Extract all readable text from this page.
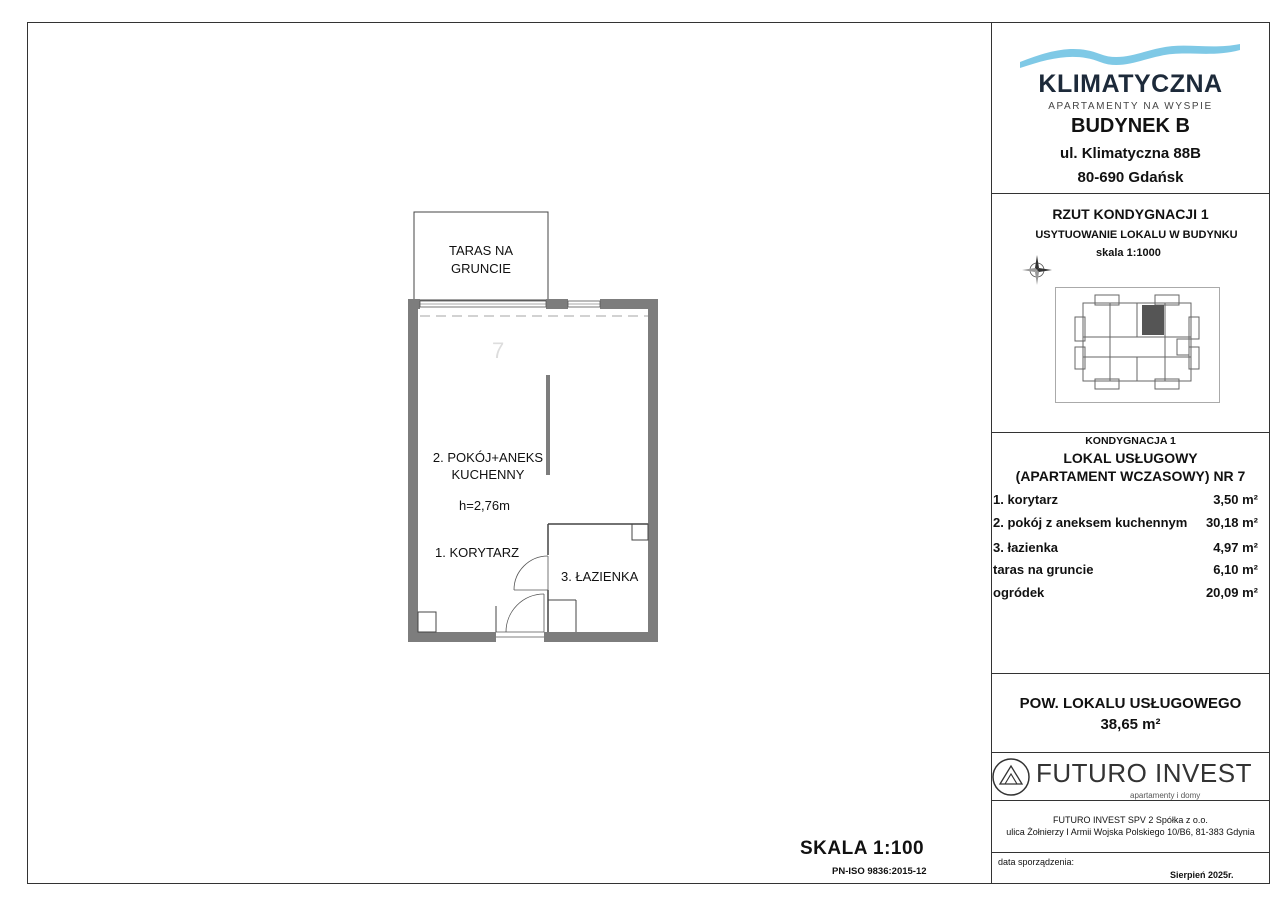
TARAS NA
GRUNCIE
7
2. POKÓJ+ANEKS
KUCHENNY
h=2,76m
1. KORYTARZ
3. ŁAZIENKA
SKALA 1:100
PN-ISO 9836:2015-12
KLIMATYCZNA
APARTAMENTY NA WYSPIE
BUDYNEK B
ul. Klimatyczna 88B
80-690 Gdańsk
RZUT KONDYGNACJI 1
USYTUOWANIE LOKALU W BUDYNKU
skala 1:1000
KONDYGNACJA 1
LOKAL USŁUGOWY
(APARTAMENT WCZASOWY) NR 7
1. korytarz	3,50 m²
2. pokój z aneksem kuchennym 30,18 m²
3. łazienka	4,97 m²
taras na gruncie	6,10 m²
ogródek	20,09 m²
POW. LOKALU USŁUGOWEGO
38,65 m²
FUTURO INVEST
apartamenty i domy
FUTURO INVEST SPV 2 Spółka z o.o.
ulica Żołnierzy I Armii Wojska Polskiego 10/B6, 81-383 Gdynia
data sporządzenia:
Sierpień 2025r.
